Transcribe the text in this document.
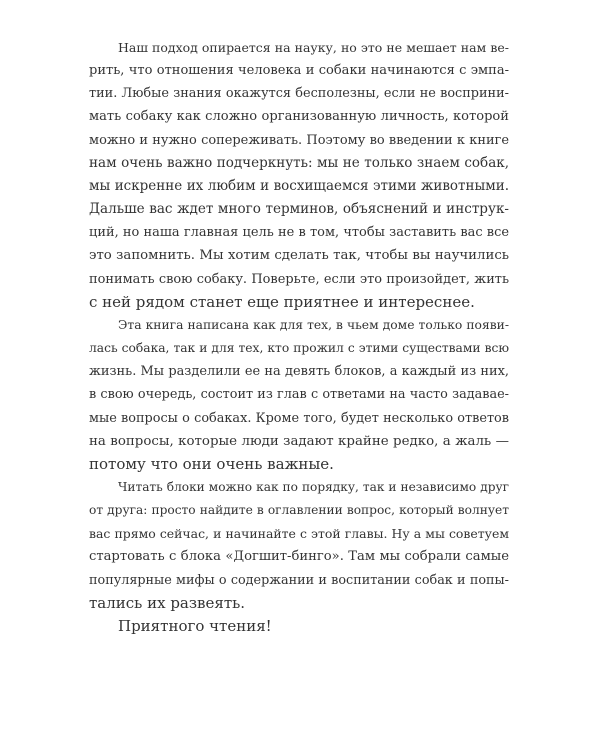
Наш подход опирается на науку, но это не мешает нам ве-
рить, что отношения человека и собаки начинаются с эмпа-
тии. Любые знания окажутся бесполезны, если не восприни-
мать собаку как сложно организованную личность, которой
можно и нужно сопереживать. Поэтому во введении к книге
нам очень важно подчеркнуть: мы не только знаем собак,
мы искренне их любим и восхищаемся этими животными.
Дальше вас ждет много терминов, объяснений и инструк-
ций, но наша главная цель не в том, чтобы заставить вас все
это запомнить. Мы хотим сделать так, чтобы вы научились
понимать свою собаку. Поверьте, если это произойдет, жить
с ней рядом станет еще приятнее и интереснее.

Эта книга написана как для тех, в чьем доме только появи-
лась собака, так и для тех, кто прожил с этими существами всю
жизнь. Мы разделили ее на девять блоков, а каждый из них,
в свою очередь, состоит из глав с ответами на часто задавае-
мые вопросы о собаках. Кроме того, будет несколько ответов
на вопросы, которые люди задают крайне редко, а жаль —
потому что они очень важные.

Читать блоки можно как по порядку, так и независимо друг
от друга: просто найдите в оглавлении вопрос, который волнует
вас прямо сейчас, и начинайте с этой главы. Ну а мы советуем
стартовать с блока «Догшит-бинго». Там мы собрали самые
популярные мифы о содержании и воспитании собак и попы-
тались их развеять.

Приятного чтения!
